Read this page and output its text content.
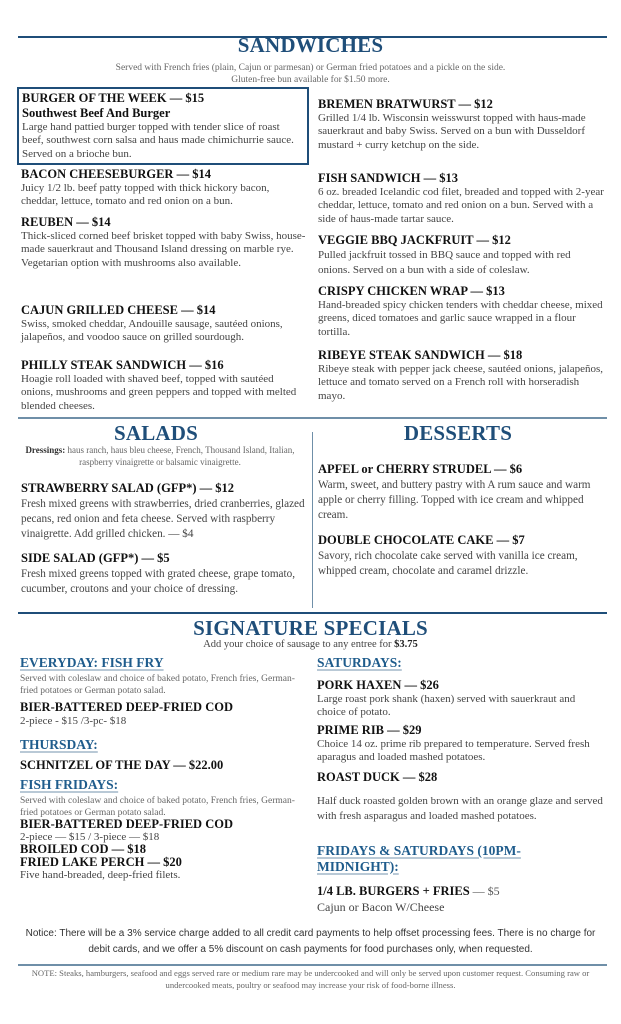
SANDWICHES
Served with French fries (plain, Cajun or parmesan) or German fried potatoes and a pickle on the side.
Gluten-free bun available for $1.50 more.
BURGER OF THE WEEK — $15
Southwest Beef And Burger
Large hand pattied burger topped with tender slice of roast beef, southwest corn salsa and haus made chimichurrie sauce. Served on a brioche bun.
BACON CHEESEBURGER — $14
Juicy 1/2 lb. beef patty topped with thick hickory bacon, cheddar, lettuce, tomato and red onion on a bun.
REUBEN — $14
Thick-sliced corned beef brisket topped with baby Swiss, house-made sauerkraut and Thousand Island dressing on marble rye. Vegetarian option with mushrooms also available.
CAJUN GRILLED CHEESE — $14
Swiss, smoked cheddar, Andouille sausage, sautéed onions, jalapeños, and voodoo sauce on grilled sourdough.
PHILLY STEAK SANDWICH — $16
Hoagie roll loaded with shaved beef, topped with sautéed onions, mushrooms and green peppers and topped with melted blended cheeses.
BREMEN BRATWURST — $12
Grilled 1/4 lb. Wisconsin weisswurst topped with haus-made sauerkraut and baby Swiss. Served on a bun with Dusseldorf mustard + curry ketchup on the side.
FISH SANDWICH — $13
6 oz. breaded Icelandic cod filet, breaded and topped with 2-year cheddar, lettuce, tomato and red onion on a bun. Served with a side of haus-made tartar sauce.
VEGGIE BBQ JACKFRUIT — $12
Pulled jackfruit tossed in BBQ sauce and topped with red onions. Served on a bun with a side of coleslaw.
CRISPY CHICKEN WRAP — $13
Hand-breaded spicy chicken tenders with cheddar cheese, mixed greens, diced tomatoes and garlic sauce wrapped in a flour tortilla.
RIBEYE STEAK SANDWICH — $18
Ribeye steak with pepper jack cheese, sautéed onions, jalapeños, lettuce and tomato served on a French roll with horseradish mayo.
SALADS	DESSERTS
Dressings: haus ranch, haus bleu cheese, French, Thousand Island, Italian, raspberry vinaigrette or balsamic vinaigrette.
STRAWBERRY SALAD (GFP*) — $12
Fresh mixed greens with strawberries, dried cranberries, glazed pecans, red onion and feta cheese. Served with raspberry vinaigrette. Add grilled chicken. — $4
SIDE SALAD (GFP*) — $5
Fresh mixed greens topped with grated cheese, grape tomato, cucumber, croutons and your choice of dressing.
APFEL or CHERRY STRUDEL — $6
Warm, sweet, and buttery pastry with A rum sauce and warm apple or cherry filling. Topped with ice cream and whipped cream.
DOUBLE CHOCOLATE CAKE — $7
Savory, rich chocolate cake served with vanilla ice cream, whipped cream, chocolate and caramel drizzle.
SIGNATURE SPECIALS
Add your choice of sausage to any entree for $3.75
EVERYDAY: FISH FRY
Served with coleslaw and choice of baked potato, French fries, German-fried potatoes or German potato salad.
BIER-BATTERED DEEP-FRIED COD
2-piece - $15 /3-pc- $18
THURSDAY:
SCHNITZEL OF THE DAY — $22.00
FISH FRIDAYS:
Served with coleslaw and choice of baked potato, French fries, German-fried potatoes or German potato salad.
BIER-BATTERED DEEP-FRIED COD
2-piece — $15 / 3-piece — $18
BROILED COD — $18
FRIED LAKE PERCH — $20
Five hand-breaded, deep-fried filets.
SATURDAYS:
PORK HAXEN — $26
Large roast pork shank (haxen) served with sauerkraut and choice of potato.
PRIME RIB — $29
Choice 14 oz. prime rib prepared to temperature. Served fresh aparagus and loaded mashed potatoes.
ROAST DUCK — $28
Half duck roasted golden brown with an orange glaze and served with fresh asparagus and loaded mashed potatoes.
FRIDAYS & SATURDAYS (10PM-MIDNIGHT):
1/4 LB. BURGERS + FRIES — $5
Cajun or Bacon W/Cheese
Notice: There will be a 3% service charge added to all credit card payments to help offset processing fees. There is no charge for debit cards, and we offer a 5% discount on cash payments for food purchases only, when requested.
NOTE: Steaks, hamburgers, seafood and eggs served rare or medium rare may be undercooked and will only be served upon customer request. Consuming raw or undercooked meats, poultry or seafood may increase your risk of food-borne illness.
